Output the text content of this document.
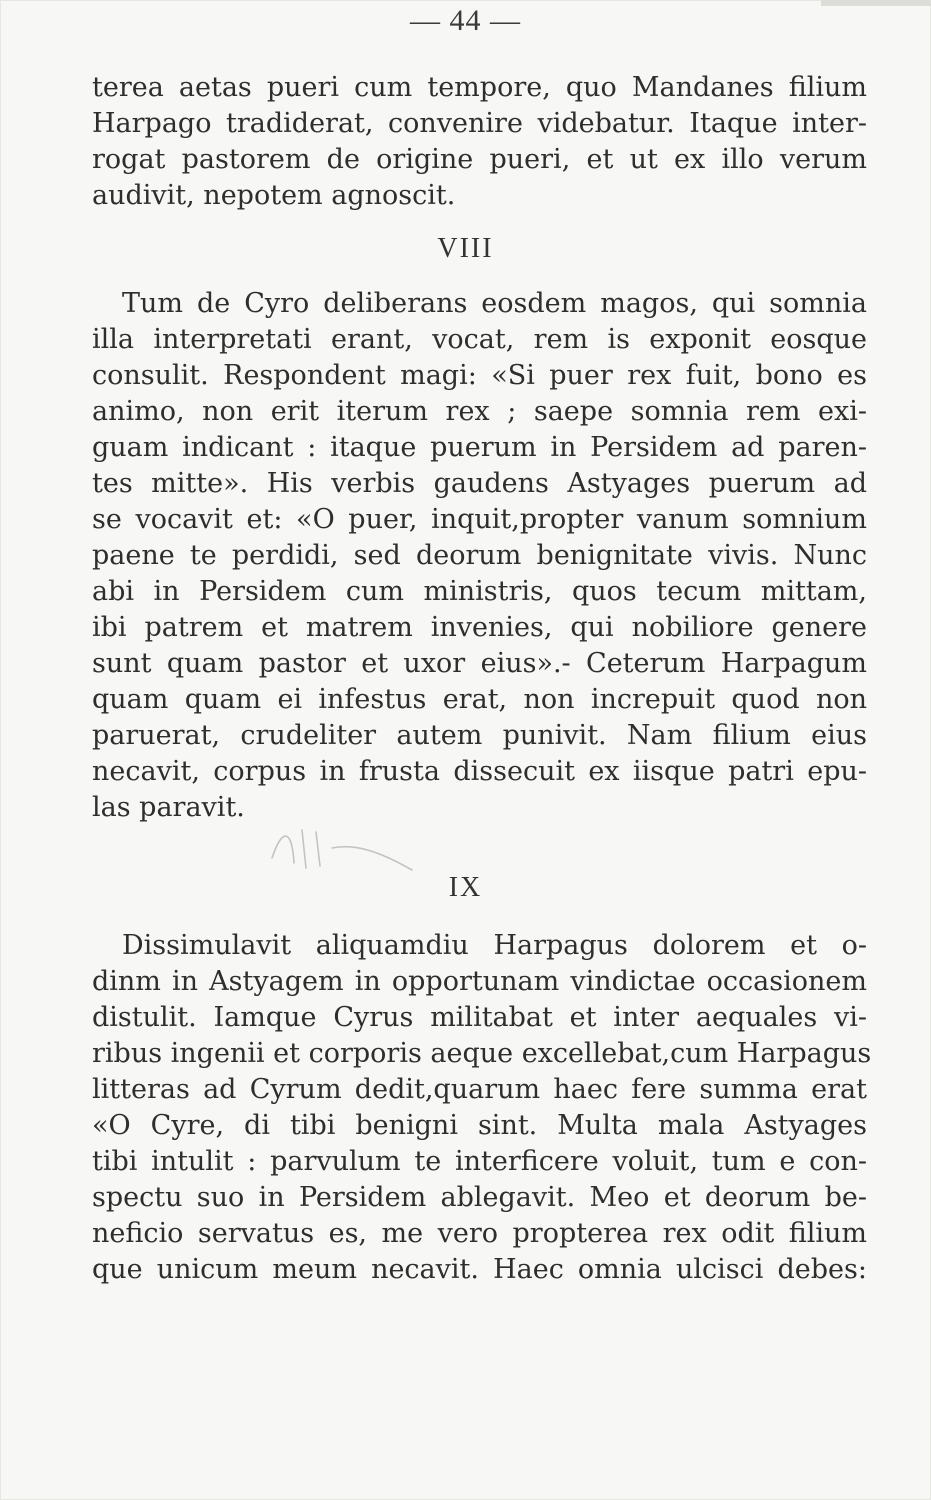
— 44 —
terea aetas pueri cum tempore, quo Mandanes filium
Harpago tradiderat, convenire videbatur. Itaque inter-
rogat pastorem de origine pueri, et ut ex illo verum
audivit, nepotem agnoscit.
VIII
Tum de Cyro deliberans eosdem magos, qui somnia
illa interpretati erant, vocat, rem is exponit eosque
consulit. Respondent magi: «Si puer rex fuit, bono es
animo, non erit iterum rex ; saepe somnia rem exi-
guam indicant : itaque puerum in Persidem ad paren-
tes mitte». His verbis gaudens Astyages puerum ad
se vocavit et: «O puer, inquit,propter vanum somnium
paene te perdidi, sed deorum benignitate vivis. Nunc
abi in Persidem cum ministris, quos tecum mittam,
ibi patrem et matrem invenies, qui nobiliore genere
sunt quam pastor et uxor eius».- Ceterum Harpagum
quam quam ei infestus erat, non increpuit quod non
paruerat, crudeliter autem punivit. Nam filium eius
necavit, corpus in frusta dissecuit ex iisque patri epu-
las paravit.
IX
Dissimulavit aliquamdiu Harpagus dolorem et o-
dinm in Astyagem in opportunam vindictae occasionem
distulit. Iamque Cyrus militabat et inter aequales vi-
ribus ingenii et corporis aeque excellebat,cum Harpagus
litteras ad Cyrum dedit,quarum haec fere summa erat
«O Cyre, di tibi benigni sint. Multa mala Astyages
tibi intulit : parvulum te interficere voluit, tum e con-
spectu suo in Persidem ablegavit. Meo et deorum be-
neficio servatus es, me vero propterea rex odit filium
que unicum meum necavit. Haec omnia ulcisci debes:
